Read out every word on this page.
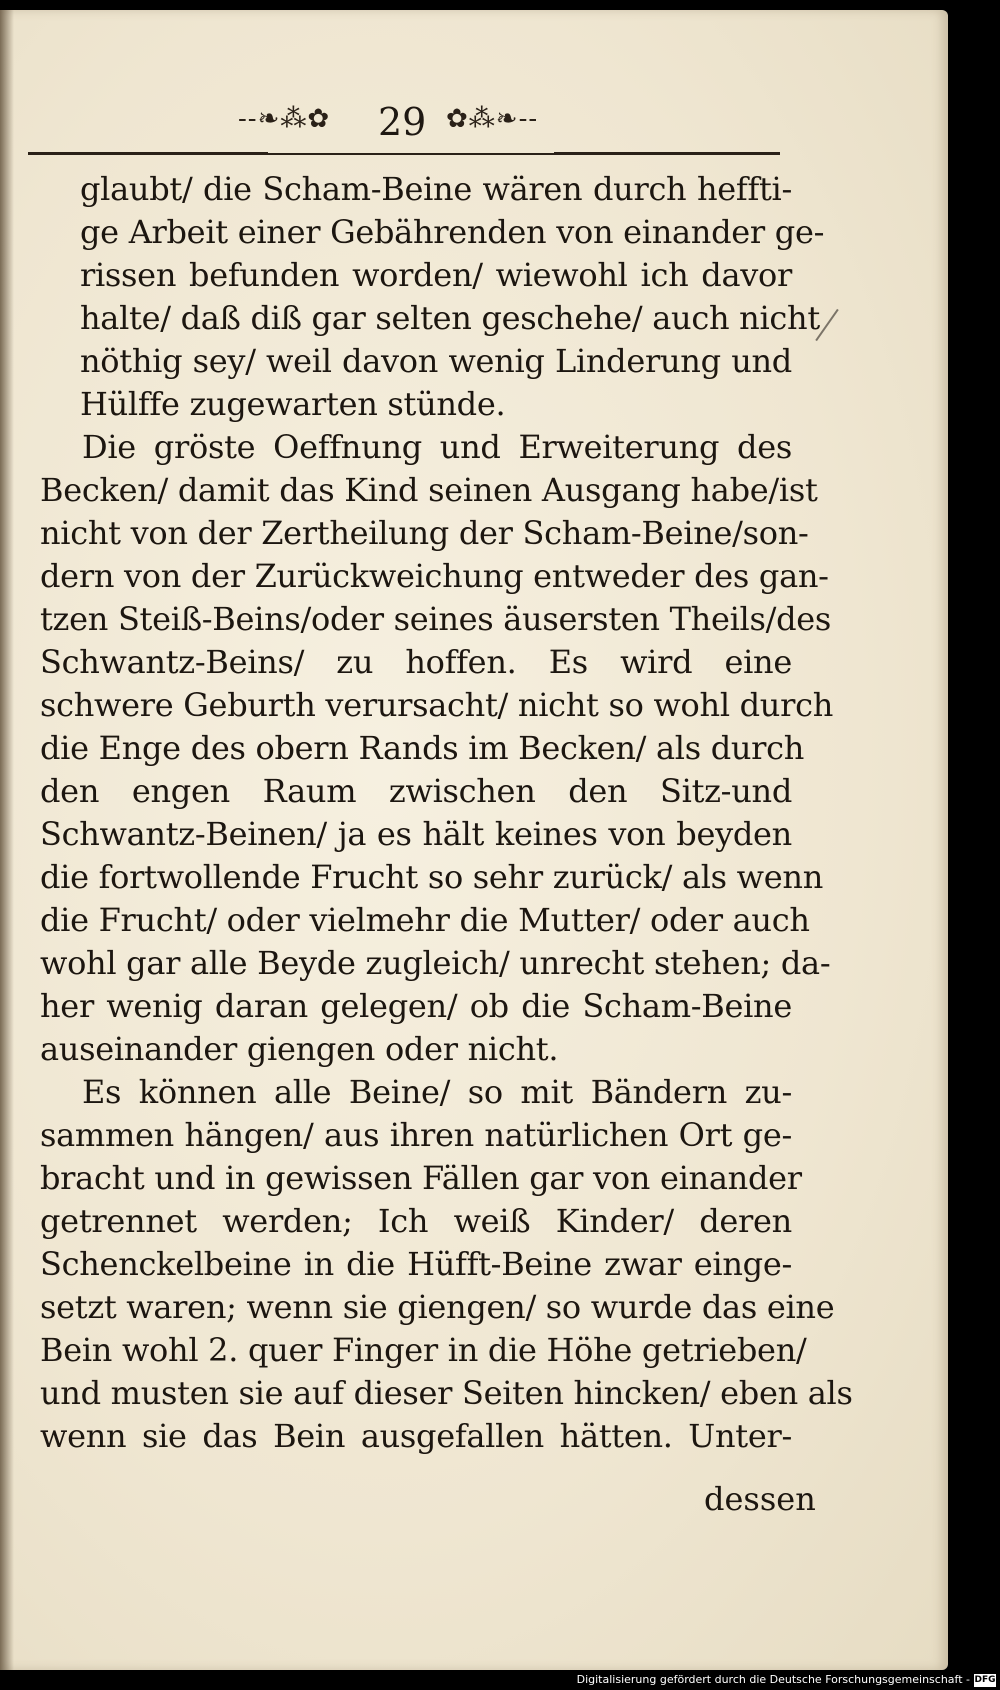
--❧⁂✿ 29 ✿⁂❧--
glaubt/ die Scham-Beine wären durch heffti-
ge Arbeit einer Gebährenden von einander ge-
rissen befunden worden/ wiewohl ich davor
halte/ daß diß gar selten geschehe/ auch nicht
nöthig sey/ weil davon wenig Linderung und
Hülffe zugewarten stünde.
Die gröste Oeffnung und Erweiterung des
Becken/ damit das Kind seinen Ausgang habe/ist
nicht von der Zertheilung der Scham-Beine/son-
dern von der Zurückweichung entweder des gan-
tzen Steiß-Beins/oder seines äusersten Theils/des
Schwantz-Beins/ zu hoffen. Es wird eine
schwere Geburth verursacht/ nicht so wohl durch
die Enge des obern Rands im Becken/ als durch
den engen Raum zwischen den Sitz-und
Schwantz-Beinen/ ja es hält keines von beyden
die fortwollende Frucht so sehr zurück/ als wenn
die Frucht/ oder vielmehr die Mutter/ oder auch
wohl gar alle Beyde zugleich/ unrecht stehen; da-
her wenig daran gelegen/ ob die Scham-Beine
auseinander giengen oder nicht.
Es können alle Beine/ so mit Bändern zu-
sammen hängen/ aus ihren natürlichen Ort ge-
bracht und in gewissen Fällen gar von einander
getrennet werden; Ich weiß Kinder/ deren
Schenckelbeine in die Hüfft-Beine zwar einge-
setzt waren; wenn sie giengen/ so wurde das eine
Bein wohl 2. quer Finger in die Höhe getrieben/
und musten sie auf dieser Seiten hincken/ eben als
wenn sie das Bein ausgefallen hätten. Unter-
dessen
Digitalisierung gefördert durch die Deutsche Forschungsgemeinschaft - DFG
